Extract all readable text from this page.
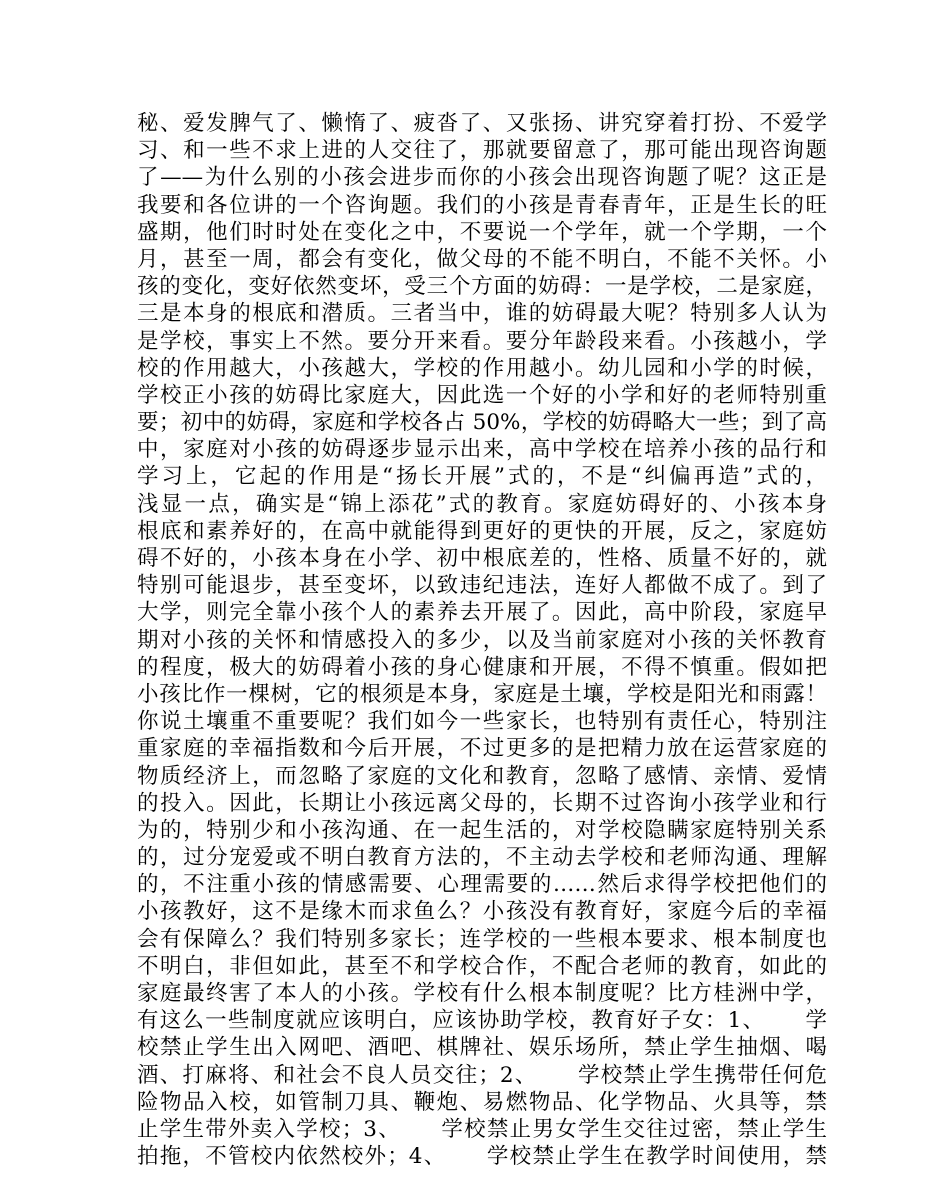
秘、爱发脾气了、懒惰了、疲沓了、又张扬、讲究穿着打扮、不爱学
习、和一些不求上进的人交往了，那就要留意了，那可能出现咨询题
了——为什么别的小孩会进步而你的小孩会出现咨询题了呢？这正是
我要和各位讲的一个咨询题。我们的小孩是青春青年，正是生长的旺
盛期，他们时时处在变化之中，不要说一个学年，就一个学期，一个
月，甚至一周，都会有变化，做父母的不能不明白，不能不关怀。小
孩的变化，变好依然变坏，受三个方面的妨碍：一是学校，二是家庭，
三是本身的根底和潜质。三者当中，谁的妨碍最大呢？特别多人认为
是学校，事实上不然。要分开来看。要分年龄段来看。小孩越小，学
校的作用越大，小孩越大，学校的作用越小。幼儿园和小学的时候，
学校正小孩的妨碍比家庭大，因此选一个好的小学和好的老师特别重
要；初中的妨碍，家庭和学校各占 50%，学校的妨碍略大一些；到了高
中，家庭对小孩的妨碍逐步显示出来，高中学校在培养小孩的品行和
学习上，它起的作用是“扬长开展”式的，不是“纠偏再造”式的，
浅显一点，确实是“锦上添花”式的教育。家庭妨碍好的、小孩本身
根底和素养好的，在高中就能得到更好的更快的开展，反之，家庭妨
碍不好的，小孩本身在小学、初中根底差的，性格、质量不好的，就
特别可能退步，甚至变坏，以致违纪违法，连好人都做不成了。到了
大学，则完全靠小孩个人的素养去开展了。因此，高中阶段，家庭早
期对小孩的关怀和情感投入的多少，以及当前家庭对小孩的关怀教育
的程度，极大的妨碍着小孩的身心健康和开展，不得不慎重。假如把
小孩比作一棵树，它的根须是本身，家庭是土壤，学校是阳光和雨露！
你说土壤重不重要呢？我们如今一些家长，也特别有责任心，特别注
重家庭的幸福指数和今后开展，不过更多的是把精力放在运营家庭的
物质经济上，而忽略了家庭的文化和教育，忽略了感情、亲情、爱情
的投入。因此，长期让小孩远离父母的，长期不过咨询小孩学业和行
为的，特别少和小孩沟通、在一起生活的，对学校隐瞒家庭特别关系
的，过分宠爱或不明白教育方法的，不主动去学校和老师沟通、理解
的，不注重小孩的情感需要、心理需要的……然后求得学校把他们的
小孩教好，这不是缘木而求鱼么？小孩没有教育好，家庭今后的幸福
会有保障么？我们特别多家长；连学校的一些根本要求、根本制度也
不明白，非但如此，甚至不和学校合作，不配合老师的教育，如此的
家庭最终害了本人的小孩。学校有什么根本制度呢？比方桂洲中学，
有这么一些制度就应该明白，应该协助学校，教育好子女：1、     学
校禁止学生出入网吧、酒吧、棋牌社、娱乐场所，禁止学生抽烟、喝
酒、打麻将、和社会不良人员交往；2、     学校禁止学生携带任何危
险物品入校，如管制刀具、鞭炮、易燃物品、化学物品、火具等，禁
止学生带外卖入学校；3、     学校禁止男女学生交往过密，禁止学生
拍拖，不管校内依然校外；4、     学校禁止学生在教学时间使用，禁
